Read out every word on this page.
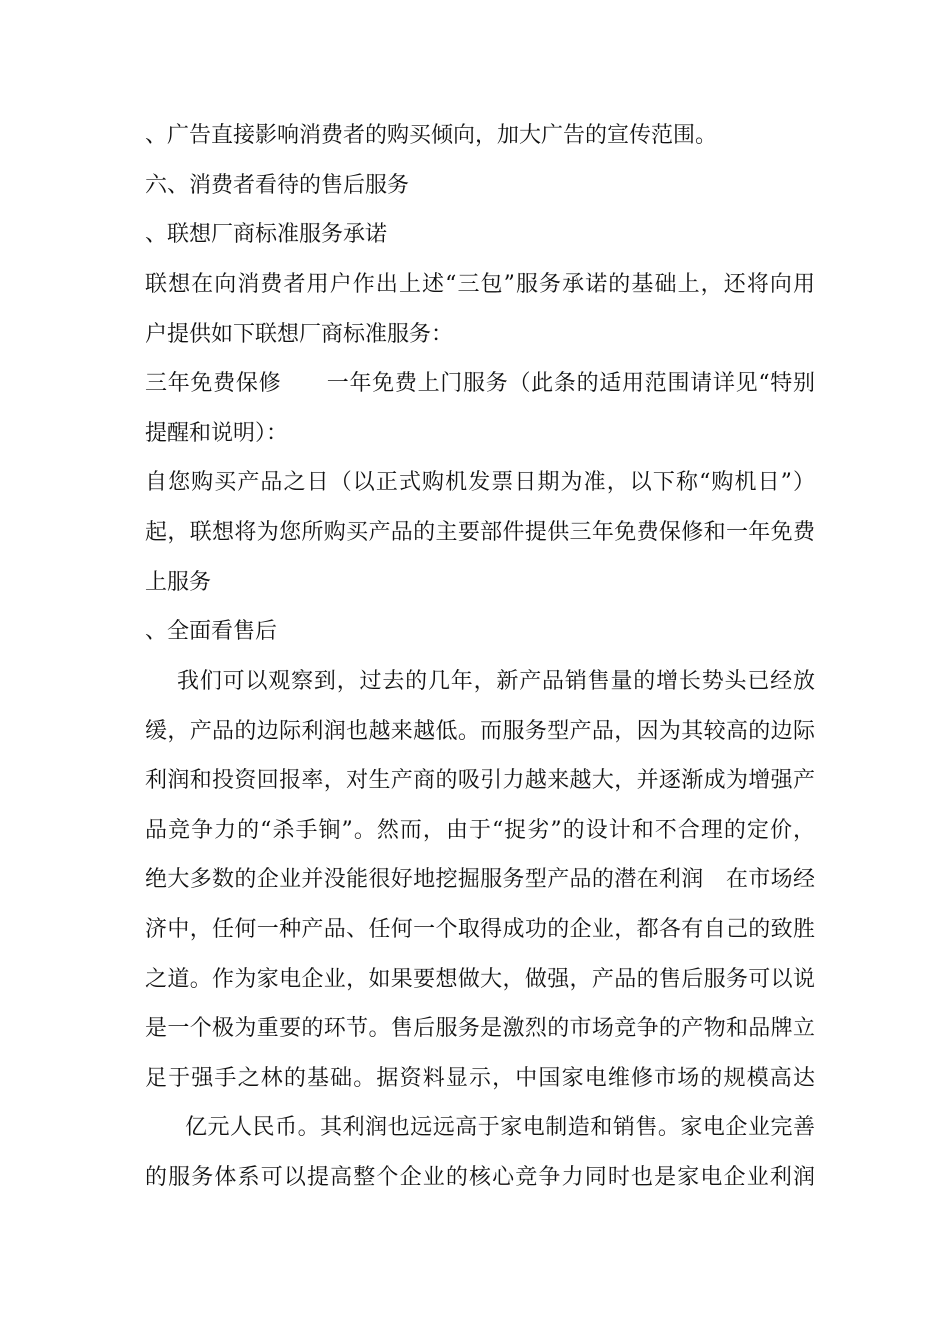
、广告直接影响消费者的购买倾向，加大广告的宣传范围。
六、消费者看待的售后服务
、联想厂商标准服务承诺
联想在向消费者用户作出上述“三包”服务承诺的基础上，还将向用
户提供如下联想厂商标准服务：
三年免费保修　　一年免费上门服务（此条的适用范围请详见“特别
提醒和说明）：
自您购买产品之日（以正式购机发票日期为准，以下称“购机日”）
起，联想将为您所购买产品的主要部件提供三年免费保修和一年免费
上服务
、全面看售后
我们可以观察到，过去的几年，新产品销售量的增长势头已经放
缓，产品的边际利润也越来越低。而服务型产品，因为其较高的边际
利润和投资回报率，对生产商的吸引力越来越大，并逐渐成为增强产
品竞争力的“杀手锏”。然而，由于“捉劣”的设计和不合理的定价，
绝大多数的企业并没能很好地挖掘服务型产品的潜在利润　在市场经
济中，任何一种产品、任何一个取得成功的企业，都各有自己的致胜
之道。作为家电企业，如果要想做大，做强，产品的售后服务可以说
是一个极为重要的环节。售后服务是激烈的市场竞争的产物和品牌立
足于强手之林的基础。据资料显示，中国家电维修市场的规模高达
亿元人民币。其利润也远远高于家电制造和销售。家电企业完善
的服务体系可以提高整个企业的核心竞争力同时也是家电企业利润
